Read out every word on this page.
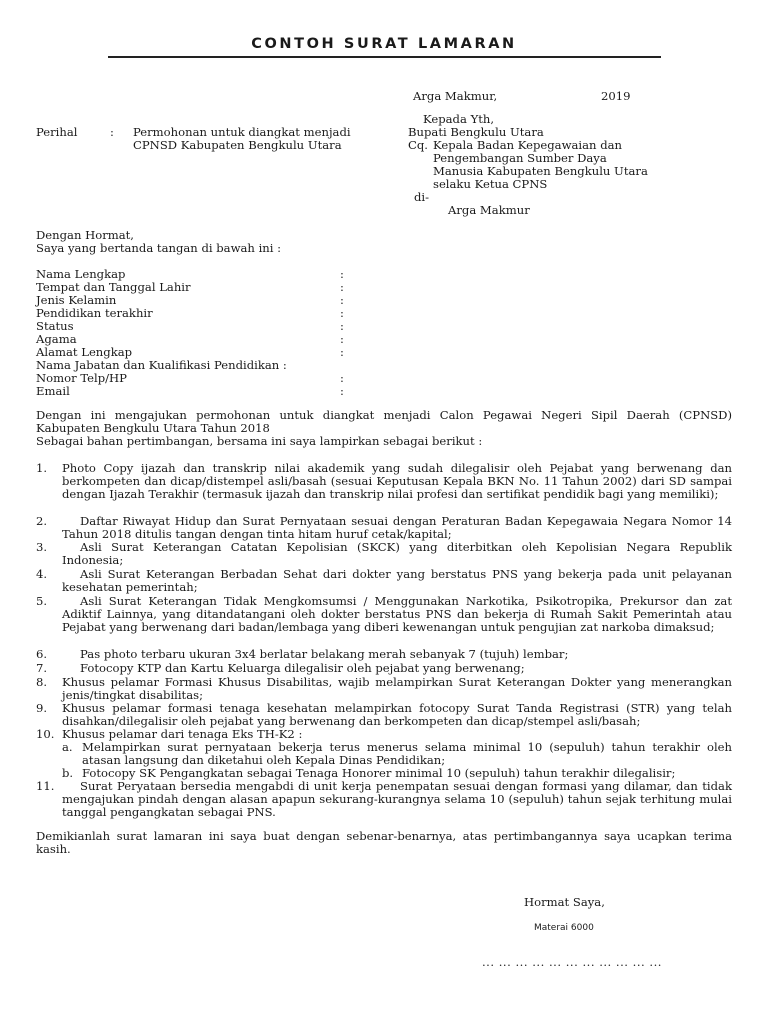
CONTOH SURAT LAMARAN
Arga Makmur,	2019
Kepada Yth,
Bupati Bengkulu Utara
Cq. Kepala Badan Kepegawaian dan
Pengembangan Sumber Daya
Manusia Kabupaten Bengkulu Utara
selaku Ketua CPNS
di-
Arga Makmur
Perihal	: Permohonan untuk diangkat menjadi
CPNSD Kabupaten Bengkulu Utara
Dengan Hormat,
Saya yang bertanda tangan di bawah ini :
Nama Lengkap	:
Tempat dan Tanggal Lahir	:
Jenis Kelamin	:
Pendidikan terakhir	:
Status	:
Agama	:
Alamat Lengkap	:
Nama Jabatan dan Kualifikasi Pendidikan :
Nomor Telp/HP	:
Email	:
Dengan ini mengajukan permohonan untuk diangkat menjadi Calon Pegawai Negeri Sipil Daerah (CPNSD) Kabupaten Bengkulu Utara Tahun 2018
Sebagai bahan pertimbangan, bersama ini saya lampirkan sebagai berikut :
1. Photo Copy ijazah dan transkrip nilai akademik yang sudah dilegalisir oleh Pejabat yang berwenang dan berkompeten dan dicap/distempel asli/basah (sesuai Keputusan Kepala BKN No. 11 Tahun 2002) dari SD sampai dengan Ijazah Terakhir (termasuk ijazah dan transkrip nilai profesi dan sertifikat pendidik bagi yang memiliki);
2.	Daftar Riwayat Hidup dan Surat Pernyataan sesuai dengan Peraturan Badan Kepegawaia Negara Nomor 14 Tahun 2018 ditulis tangan dengan tinta hitam huruf cetak/kapital;
3.	Asli Surat Keterangan Catatan Kepolisian (SKCK) yang diterbitkan oleh Kepolisian Negara Republik Indonesia;
4.	Asli Surat Keterangan Berbadan Sehat dari dokter yang berstatus PNS yang bekerja pada unit pelayanan kesehatan pemerintah;
5.	Asli Surat Keterangan Tidak Mengkomsumsi / Menggunakan Narkotika, Psikotropika, Prekursor dan zat Adiktif Lainnya, yang ditandatangani oleh dokter berstatus PNS dan bekerja di Rumah Sakit Pemerintah atau Pejabat yang berwenang dari badan/lembaga yang diberi kewenangan untuk pengujian zat narkoba dimaksud;
6.	Pas photo terbaru ukuran 3x4 berlatar belakang merah sebanyak 7 (tujuh) lembar;
7.	Fotocopy KTP dan Kartu Keluarga dilegalisir oleh pejabat yang berwenang;
8. Khusus pelamar Formasi Khusus Disabilitas, wajib melampirkan Surat Keterangan Dokter yang menerangkan jenis/tingkat disabilitas;
9. Khusus pelamar formasi tenaga kesehatan melampirkan fotocopy Surat Tanda Registrasi (STR) yang telah disahkan/dilegalisir oleh pejabat yang berwenang dan berkompeten dan dicap/stempel asli/basah;
10. Khusus pelamar dari tenaga Eks TH-K2 :
a. Melampirkan surat pernyataan bekerja terus menerus selama minimal 10 (sepuluh) tahun terakhir oleh atasan langsung dan diketahui oleh Kepala Dinas Pendidikan;
b. Fotocopy SK Pengangkatan sebagai Tenaga Honorer minimal 10 (sepuluh) tahun terakhir dilegalisir;
11.	Surat Peryataan bersedia mengabdi di unit kerja penempatan sesuai dengan formasi yang dilamar, dan tidak mengajukan pindah dengan alasan apapun sekurang-kurangnya selama 10 (sepuluh) tahun sejak terhitung mulai tanggal pengangkatan sebagai PNS.
Demikianlah surat lamaran ini saya buat dengan sebenar-benarnya, atas pertimbangannya saya ucapkan terima kasih.
Hormat Saya,
Materai 6000
... ... ... ... ... ... ... ... ... ... ...
